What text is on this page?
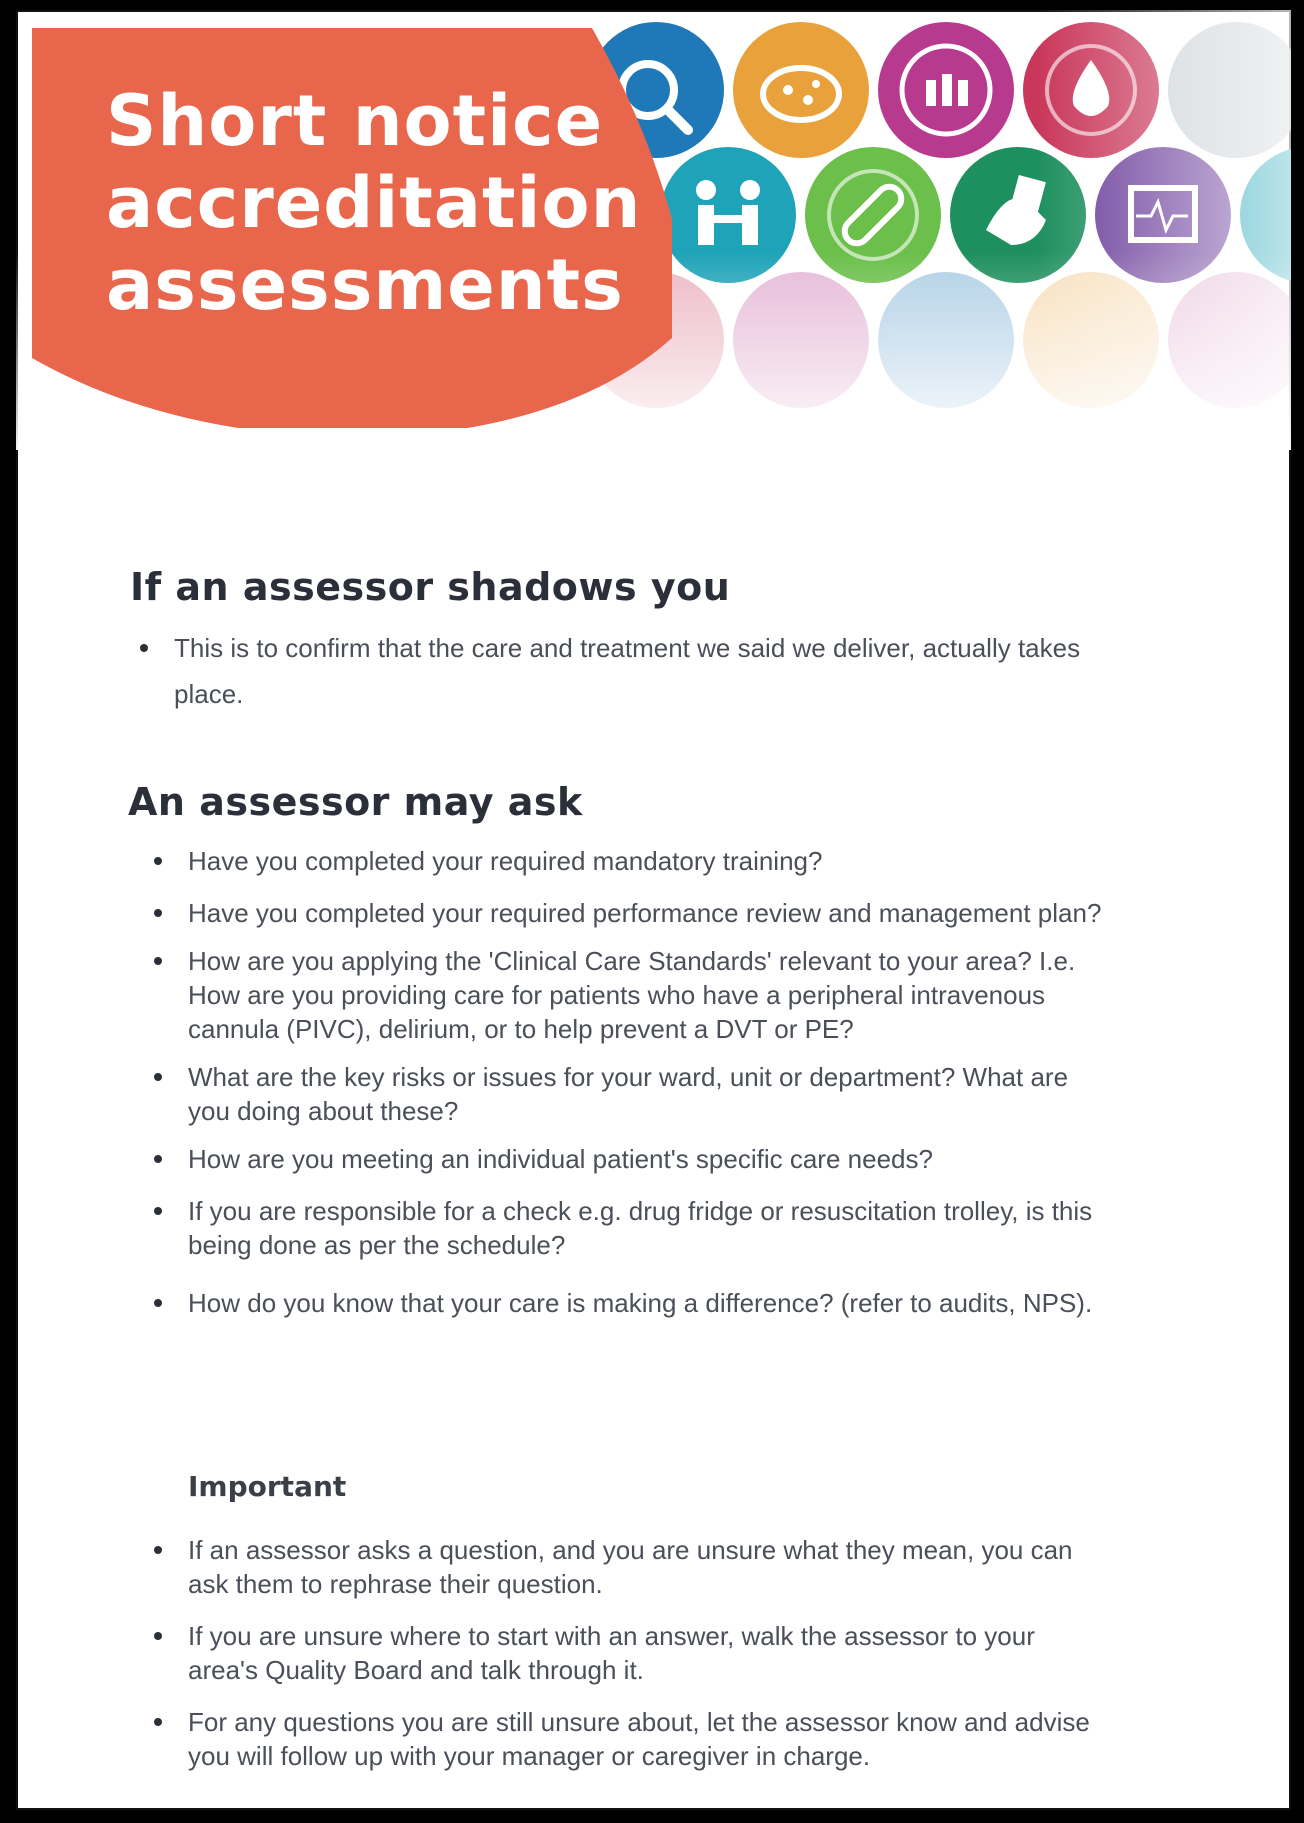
Short notice
accreditation
assessments
If an assessor shadows you
This is to confirm that the care and treatment we said we deliver, actually takes place.
An assessor may ask
Have you completed your required mandatory training?
Have you completed your required performance review and management plan?
How are you applying the 'Clinical Care Standards' relevant to your area? I.e. How are you providing care for patients who have a peripheral intravenous cannula (PIVC), delirium, or to help prevent a DVT or PE?
What are the key risks or issues for your ward, unit or department? What are you doing about these?
How are you meeting an individual patient's specific care needs?
If you are responsible for a check e.g. drug fridge or resuscitation trolley, is this being done as per the schedule?
How do you know that your care is making a difference? (refer to audits, NPS).
Important
If an assessor asks a question, and you are unsure what they mean, you can ask them to rephrase their question.
If you are unsure where to start with an answer, walk the assessor to your area's Quality Board and talk through it.
For any questions you are still unsure about, let the assessor know and advise you will follow up with your manager or caregiver in charge.
